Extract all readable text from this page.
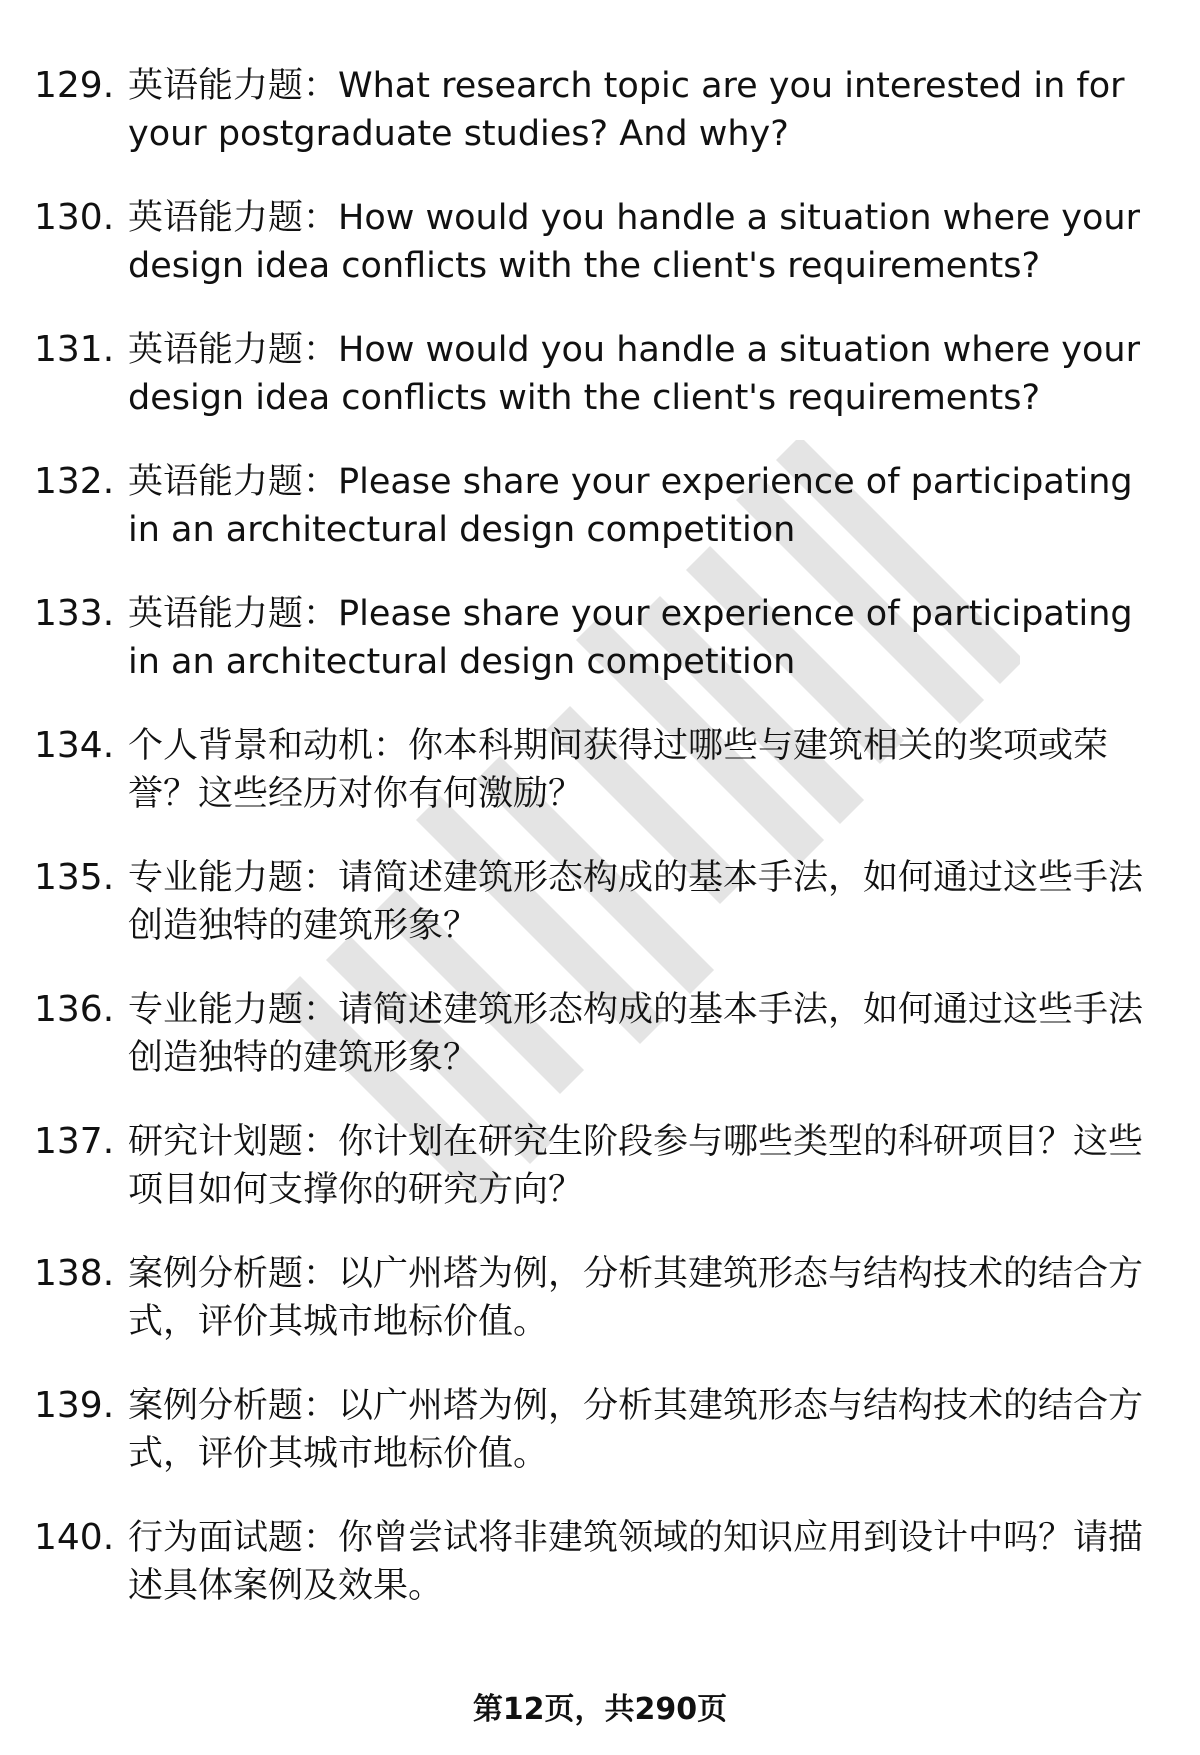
129. 英语能力题：What research topic are you interested in for your postgraduate studies? And why?
130. 英语能力题：How would you handle a situation where your design idea conflicts with the client's requirements?
131. 英语能力题：How would you handle a situation where your design idea conflicts with the client's requirements?
132. 英语能力题：Please share your experience of participating in an architectural design competition
133. 英语能力题：Please share your experience of participating in an architectural design competition
134. 个人背景和动机：你本科期间获得过哪些与建筑相关的奖项或荣誉？这些经历对你有何激励？
135. 专业能力题：请简述建筑形态构成的基本手法，如何通过这些手法创造独特的建筑形象？
136. 专业能力题：请简述建筑形态构成的基本手法，如何通过这些手法创造独特的建筑形象？
137. 研究计划题：你计划在研究生阶段参与哪些类型的科研项目？这些项目如何支撑你的研究方向？
138. 案例分析题：以广州塔为例，分析其建筑形态与结构技术的结合方式，评价其城市地标价值。
139. 案例分析题：以广州塔为例，分析其建筑形态与结构技术的结合方式，评价其城市地标价值。
140. 行为面试题：你曾尝试将非建筑领域的知识应用到设计中吗？请描述具体案例及效果。
第12页，共290页
